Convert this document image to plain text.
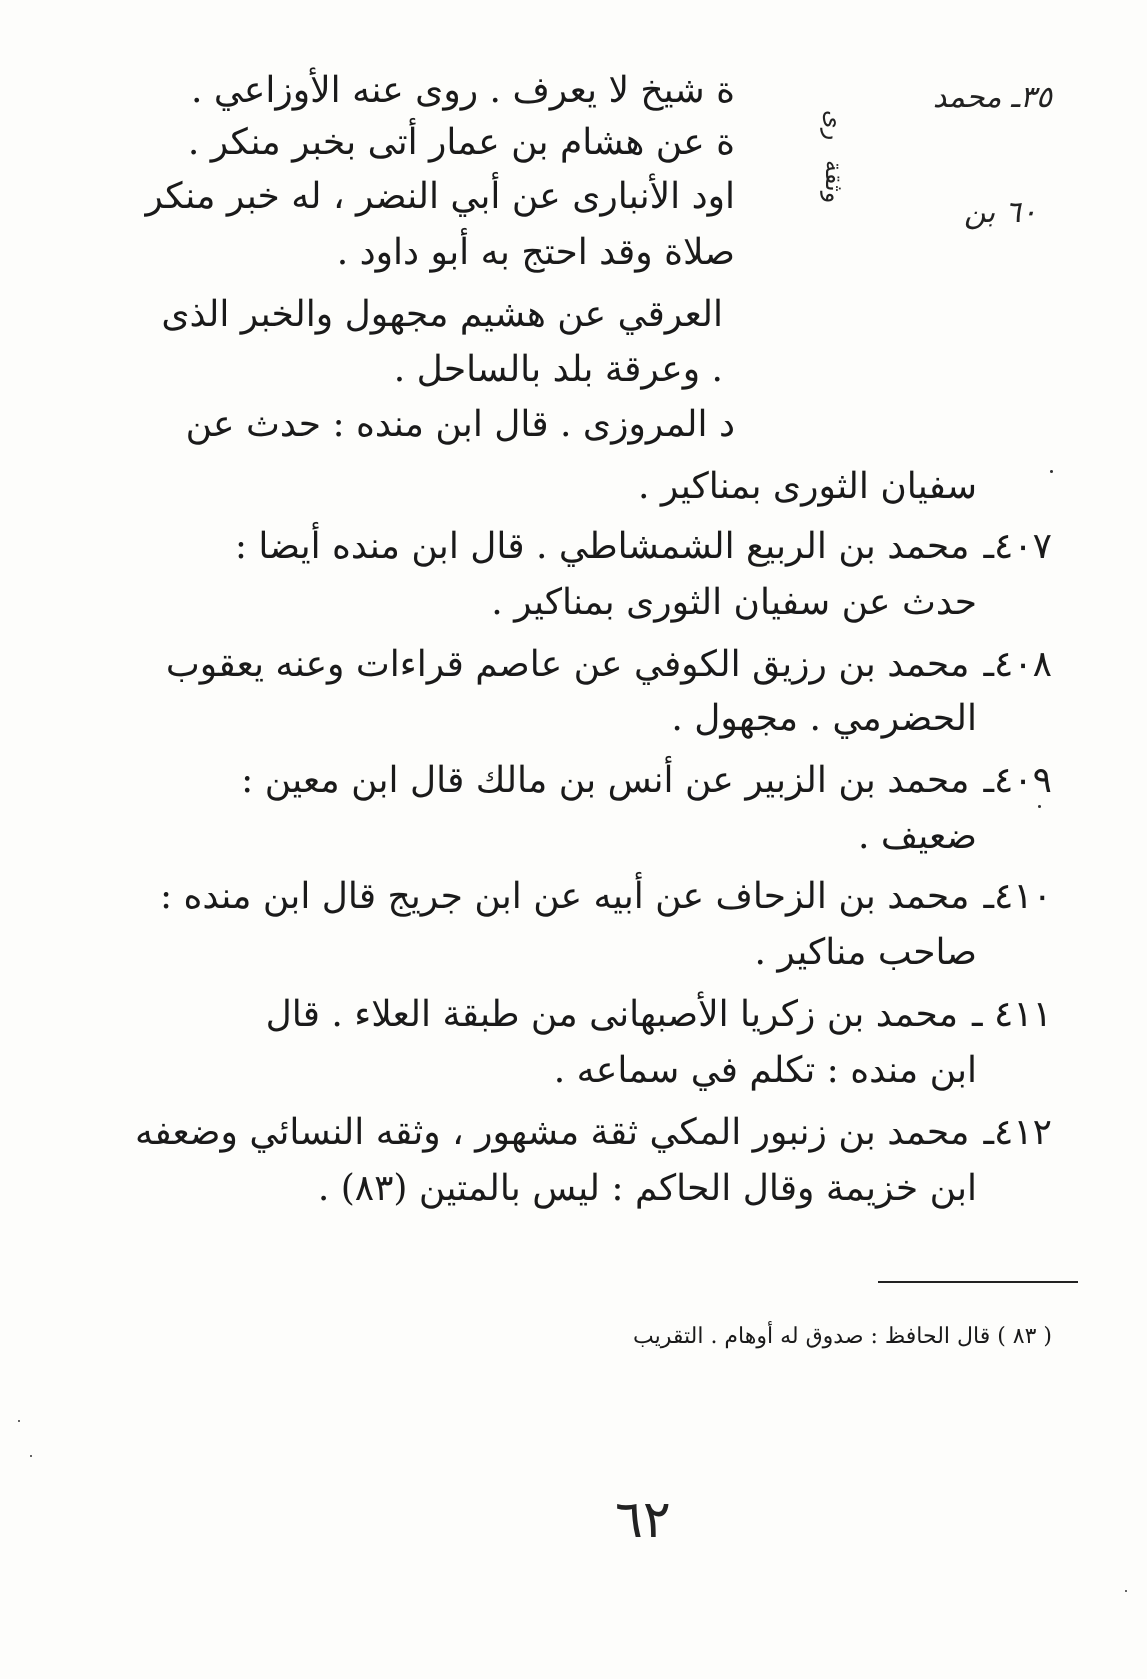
٣٥ـ محمد
ری
وثقة
٦٠ بن
ة شيخ لا يعرف . روى عنه الأوزاعي .
ة عن هشام بن عمار أتى بخبر منكر .
اود الأنبارى عن أبي النضر ، له خبر منكر
صلاة وقد احتج به أبو داود .
العرقي عن هشيم مجهول والخبر الذى
. وعرقة بلد بالساحل .
د المروزى . قال ابن منده : حدث عن
سفيان الثورى بمناكير .
٤٠٧ـمحمد بن الربيع الشمشاطي . قال ابن منده أيضا :
حدث عن سفيان الثورى بمناكير .
٤٠٨ـمحمد بن رزيق الكوفي عن عاصم قراءات وعنه يعقوب
الحضرمي . مجهول .
٤٠٩ـمحمد بن الزبير عن أنس بن مالك قال ابن معين :
ضعيف .
٤١٠ـمحمد بن الزحاف عن أبيه عن ابن جريج قال ابن منده :
صاحب مناكير .
٤١١ ـمحمد بن زكريا الأصبهانى من طبقة العلاء . قال
ابن منده : تكلم في سماعه .
٤١٢ـمحمد بن زنبور المكي ثقة مشهور ، وثقه النسائي وضعفه
ابن خزيمة وقال الحاكم : ليس بالمتين (٨٣) .
( ٨٣ ) قال الحافظ : صدوق له أوهام . التقريب
٦٢
